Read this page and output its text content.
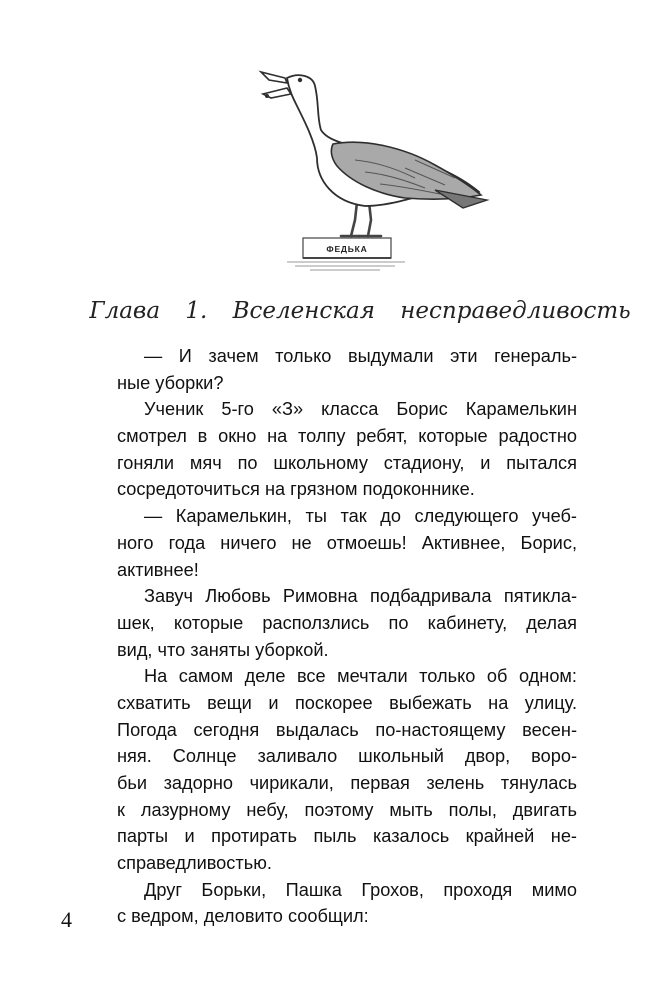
ФЕДЬКА
Глава 1. Вселенская несправедливость
— И зачем только выдумали эти генераль-
ные уборки?
Ученик 5-го «З» класса Борис Карамелькин
смотрел в окно на толпу ребят, которые радостно
гоняли мяч по школьному стадиону, и пытался
сосредоточиться на грязном подоконнике.
— Карамелькин, ты так до следующего учеб-
ного года ничего не отмоешь! Активнее, Борис,
активнее!
Завуч Любовь Римовна подбадривала пятиклa-
шек, которые расползлись по кабинету, делая
вид, что заняты уборкой.
На самом деле все мечтали только об одном:
схватить вещи и поскорее выбежать на улицу.
Погода сегодня выдалась по-настоящему весен-
няя. Солнце заливало школьный двор, воро-
бьи задорно чирикали, первая зелень тянулась
к лазурному небу, поэтому мыть полы, двигать
парты и протирать пыль казалось крайней не-
справедливостью.
Друг Борьки, Пашка Грохов, проходя мимо
с ведром, деловито сообщил:
4
